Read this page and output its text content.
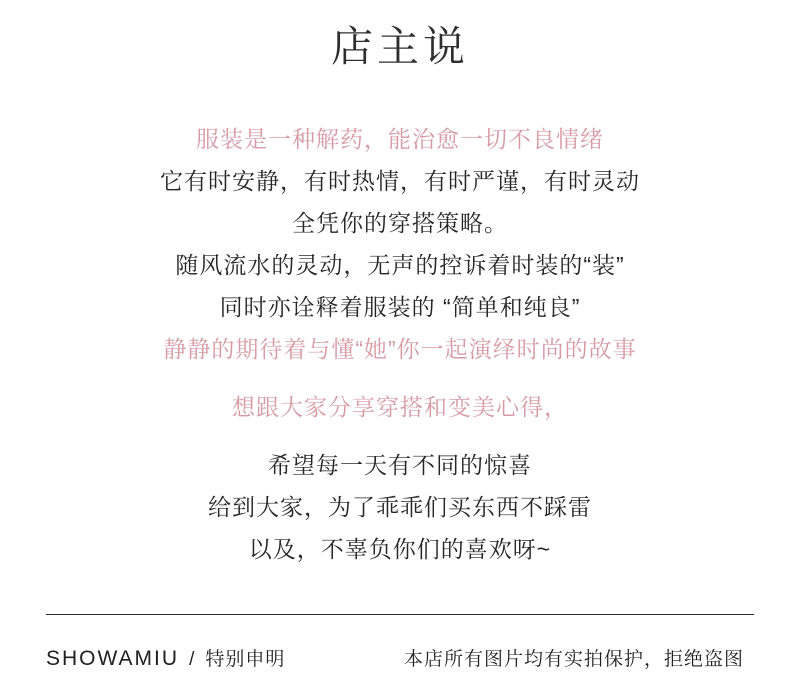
店主说
服装是一种解药，能治愈一切不良情绪
它有时安静，有时热情，有时严谨，有时灵动
全凭你的穿搭策略。
随风流水的灵动，无声的控诉着时装的“装”
同时亦诠释着服装的 “简单和纯良”
静静的期待着与懂“她”你一起演绎时尚的故事
想跟大家分享穿搭和变美心得，
希望每一天有不同的惊喜
给到大家，为了乖乖们买东西不踩雷
以及，不辜负你们的喜欢呀~
SHOWAMIU / 特别申明	本店所有图片均有实拍保护，拒绝盗图
